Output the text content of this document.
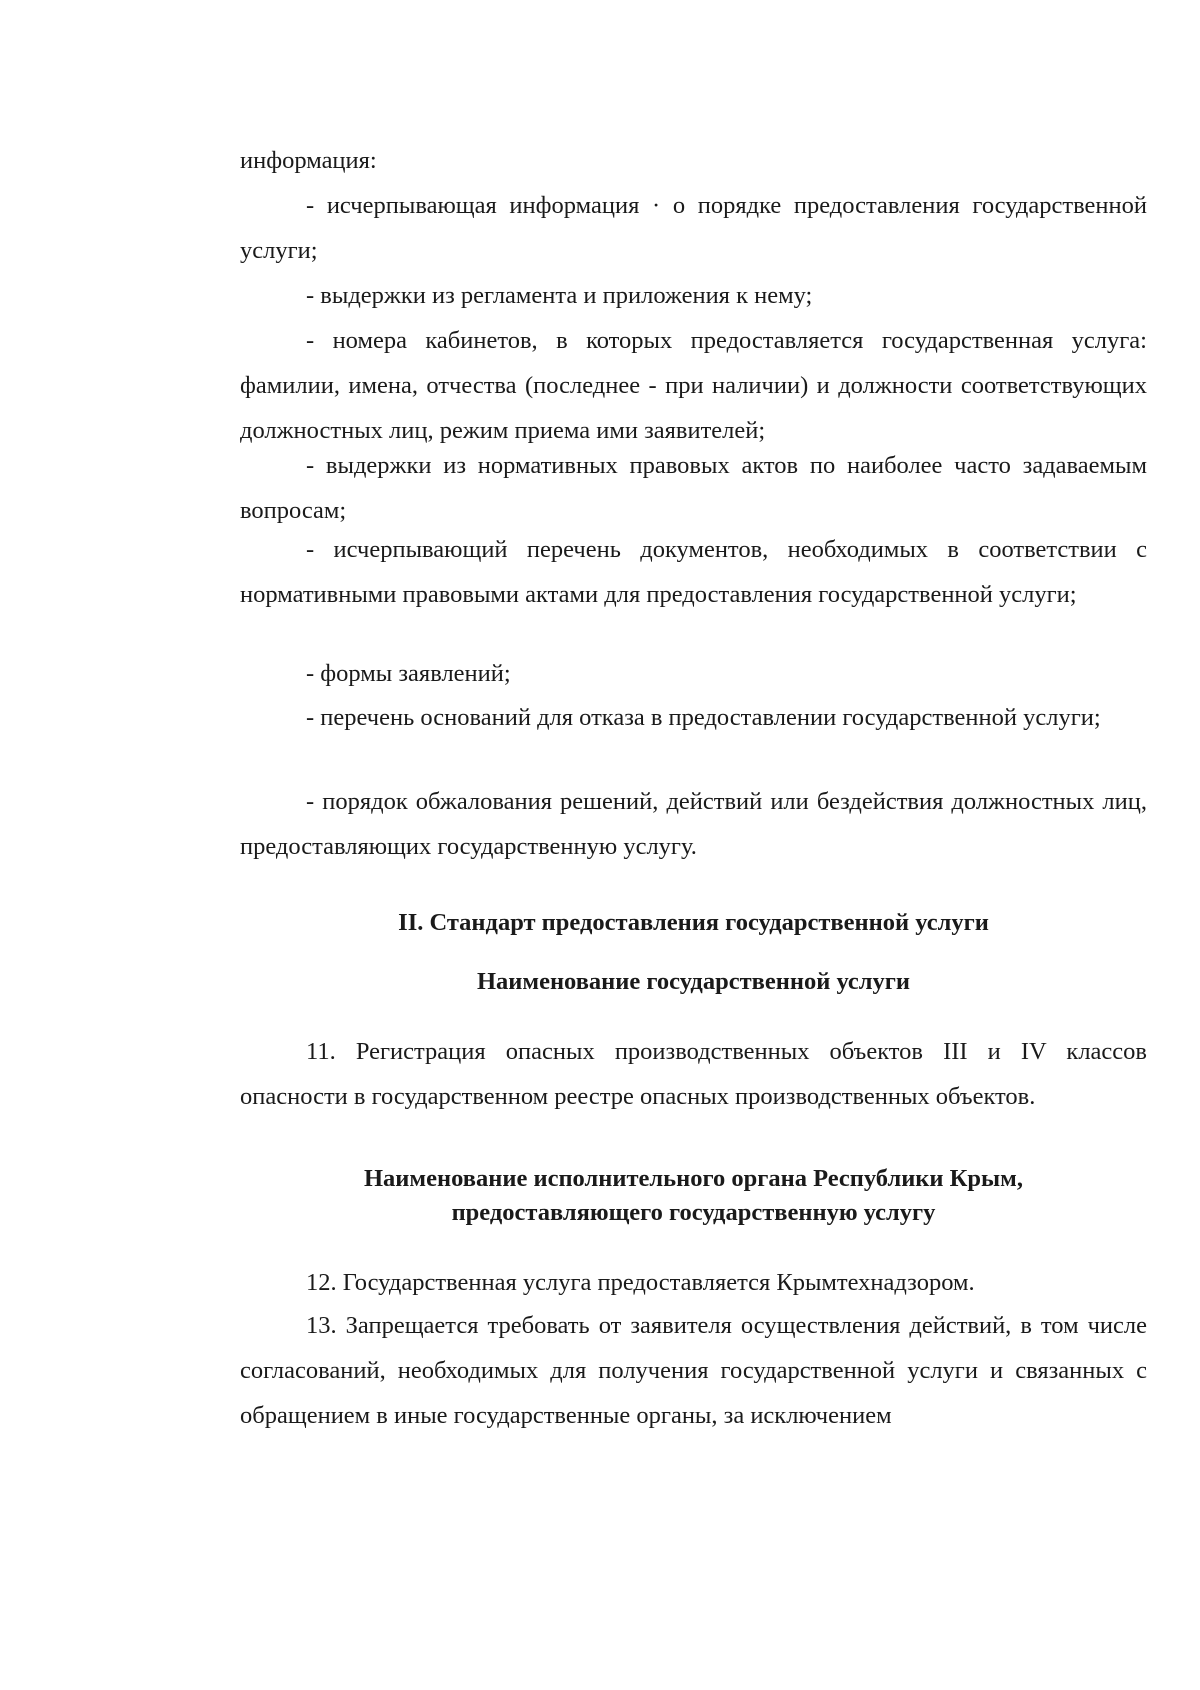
информация:

- исчерпывающая информация · о порядке предоставления государственной услуги;

- выдержки из регламента и приложения к нему;

- номера кабинетов, в которых предоставляется государственная услуга: фамилии, имена, отчества (последнее - при наличии) и должности соответствующих должностных лиц, режим приема ими заявителей;

- выдержки из нормативных правовых актов по наиболее часто задаваемым вопросам;

- исчерпывающий перечень документов, необходимых в соответствии с нормативными правовыми актами для предоставления государственной услуги;

- формы заявлений;

- перечень оснований для отказа в предоставлении государственной услуги;

- порядок обжалования решений, действий или бездействия должностных лиц, предоставляющих государственную услугу.

II. Стандарт предоставления государственной услуги
Наименование государственной услуги

11. Регистрация опасных производственных объектов III и IV классов опасности в государственном реестре опасных производственных объектов.

Наименование исполнительного органа Республики Крым,
предоставляющего государственную услугу

12. Государственная услуга предоставляется Крымтехнадзором.

13. Запрещается требовать от заявителя осуществления действий, в том числе согласований, необходимых для получения государственной услуги и связанных с обращением в иные государственные органы, за исключением
